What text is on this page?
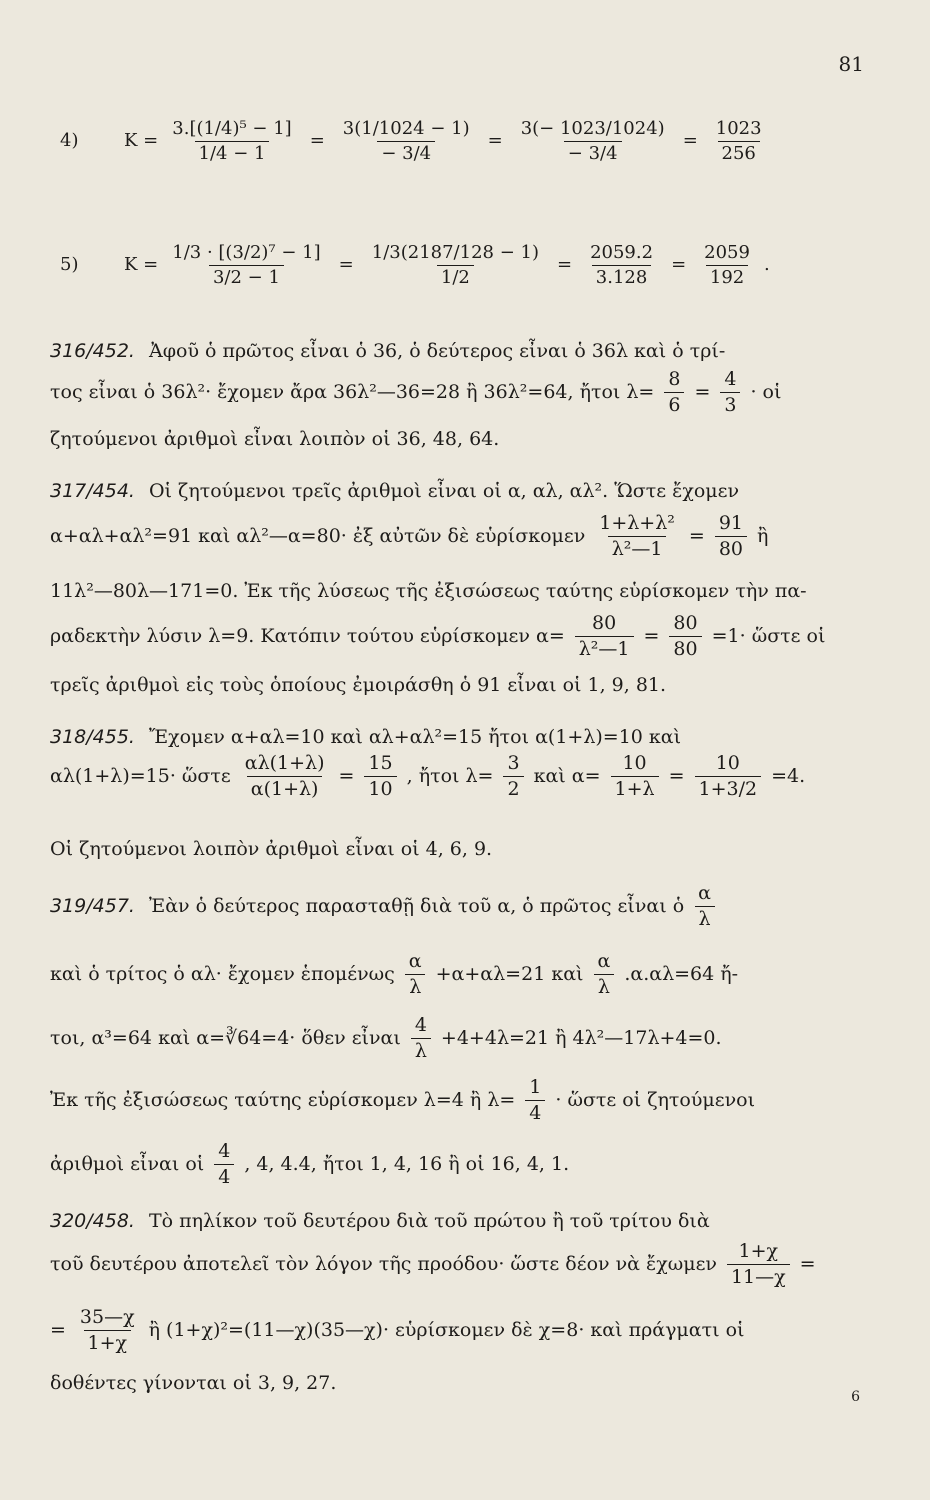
81
4)	$K = \frac{\text{3.[(1/4)⁵ − 1]}}{1/4 - 1} = \frac{3(1/1024 - 1)}{- 3/4} = \frac{3(- 1023/1024)}{- 3/4} = \frac{1023}{256}$
5)	$K = \frac{\text{1/3 · [(3/2)⁷ − 1]}}{3/2 - 1} = \frac{1/3(2187/128 - 1)}{1/2} = \frac{2059.2}{3.128} = \frac{2059}{192}$ .
316/452. Ἀφοῦ ὁ πρῶτος εἶναι ὁ 36, ὁ δεύτερος εἶναι ὁ 36λ καὶ ὁ τρί-
τος εἶναι ὁ 36λ²· ἔχομεν ἄρα 36λ²—36=28 ἢ 36λ²=64, ἤτοι $\lambda= \frac{8}{6} = \frac{4}{3}$ · οἱ
ζητούμενοι ἀριθμοὶ εἶναι λοιπὸν οἱ 36, 48, 64.
317/454. Οἱ ζητούμενοι τρεῖς ἀριθμοὶ εἶναι οἱ α, αλ, αλ². Ὥστε ἔχομεν
α+αλ+αλ²=91 καὶ αλ²—α=80· ἐξ αὐτῶν δὲ εὑρίσκομεν $\frac{\text{1+λ+λ²}}{\text{λ²—1}} = \frac{91}{80}$ ἢ
11λ²—80λ—171=0. Ἐκ τῆς λύσεως τῆς ἐξισώσεως ταύτης εὑρίσκομεν τὴν πα-
ραδεκτὴν λύσιν λ=9. Κατόπιν τούτου εὑρίσκομεν $\alpha= \frac{80}{\text{λ²—1}} = \frac{80}{80} =1\cdot$ ὥστε οἱ
τρεῖς ἀριθμοὶ εἰς τοὺς ὁποίους ἐμοιράσθη ὁ 91 εἶναι οἱ 1, 9, 81.
318/455. Ἔχομεν α+αλ=10 καὶ αλ+αλ²=15 ἤτοι α(1+λ)=10 καὶ
αλ(1+λ)=15· ὥστε $\frac{\alpha\lambda(1+\lambda)}{\alpha(1+\lambda)} = \frac{15}{10}$ , ἤτοι $\lambda= \frac{3}{2}$ καὶ $\alpha= \frac{10}{1+\lambda} = \frac{10}{1+3/2} =4$.
Οἱ ζητούμενοι λοιπὸν ἀριθμοὶ εἶναι οἱ 4, 6, 9.
319/457. Ἐὰν ὁ δεύτερος παρασταθῇ διὰ τοῦ α, ὁ πρῶτος εἶναι ὁ $\frac{\alpha}{\lambda}$
καὶ ὁ τρίτος ὁ αλ· ἔχομεν ἑπομένως $\frac{\alpha}{\lambda} +\alpha+\alpha\lambda=21$ καὶ $\frac{\alpha}{\lambda} .\alpha.\alpha\lambda=64$ ἤ-
τοι, α³=64 καὶ α=∛64=4· ὅθεν εἶναι $\frac{4}{\lambda} +4+4\lambda=21$ ἢ 4λ²—17λ+4=0.
Ἐκ τῆς ἐξισώσεως ταύτης εὑρίσκομεν λ=4 ἢ $\lambda= \frac{1}{4}$ · ὥστε οἱ ζητούμενοι
ἀριθμοὶ εἶναι οἱ $\frac{4}{4}$ , 4, 4.4, ἤτοι 1, 4, 16 ἢ οἱ 16, 4, 1.
320/458. Τὸ πηλίκον τοῦ δευτέρου διὰ τοῦ πρώτου ἢ τοῦ τρίτου διὰ
τοῦ δευτέρου ἀποτελεῖ τὸν λόγον τῆς προόδου· ὥστε δέον νὰ ἔχωμεν $\frac{1+\chi}{11—\chi}$ =
= $\frac{35—\chi}{1+\chi}$ ἢ (1+χ)²=(11—χ)(35—χ)· εὑρίσκομεν δὲ χ=8· καὶ πράγματι οἱ
δοθέντες γίνονται οἱ 3, 9, 27.
6
